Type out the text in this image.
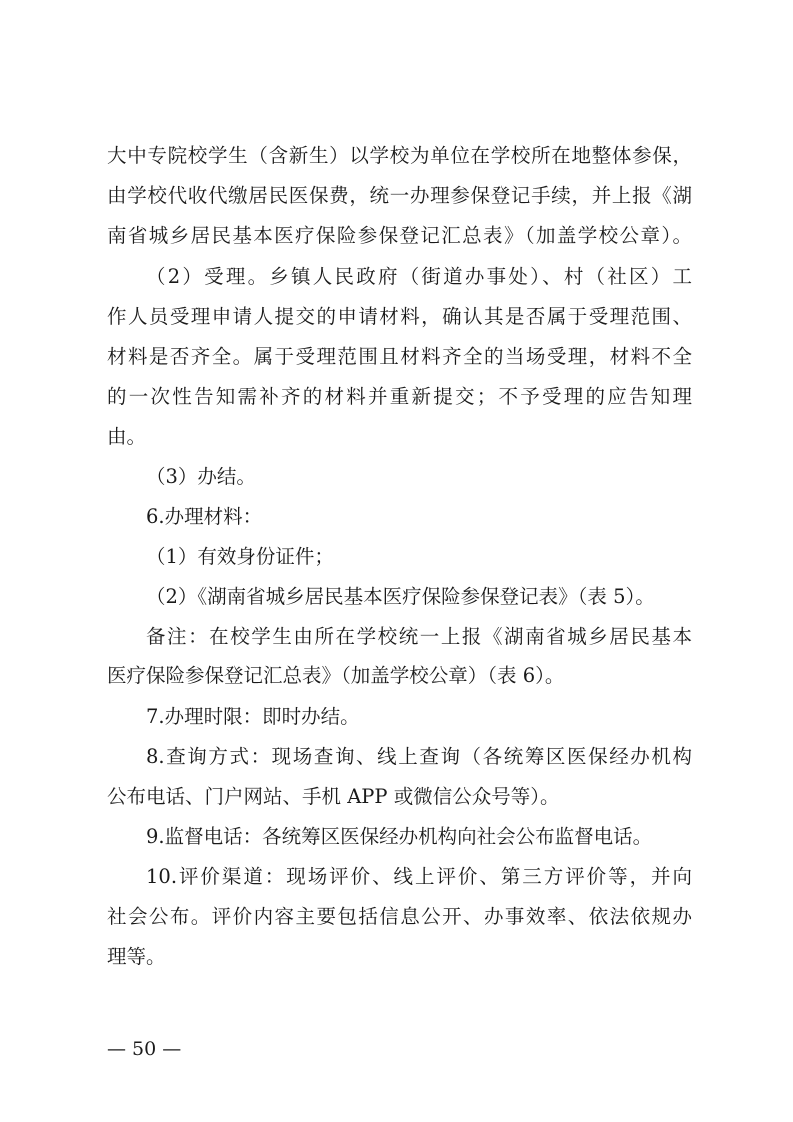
大中专院校学生（含新生）以学校为单位在学校所在地整体参保，
由学校代收代缴居民医保费，统一办理参保登记手续，并上报《湖
南省城乡居民基本医疗保险参保登记汇总表》（加盖学校公章）。
（2）受理。乡镇人民政府（街道办事处）、村（社区）工
作人员受理申请人提交的申请材料，确认其是否属于受理范围、
材料是否齐全。属于受理范围且材料齐全的当场受理，材料不全
的一次性告知需补齐的材料并重新提交；不予受理的应告知理
由。
（3）办结。
6.办理材料：
（1）有效身份证件；
（2）《湖南省城乡居民基本医疗保险参保登记表》（表 5）。
备注：在校学生由所在学校统一上报《湖南省城乡居民基本
医疗保险参保登记汇总表》（加盖学校公章）（表 6）。
7.办理时限：即时办结。
8.查询方式：现场查询、线上查询（各统筹区医保经办机构
公布电话、门户网站、手机 APP 或微信公众号等）。
9.监督电话：各统筹区医保经办机构向社会公布监督电话。
10.评价渠道：现场评价、线上评价、第三方评价等，并向
社会公布。评价内容主要包括信息公开、办事效率、依法依规办
理等。
— 50 —
